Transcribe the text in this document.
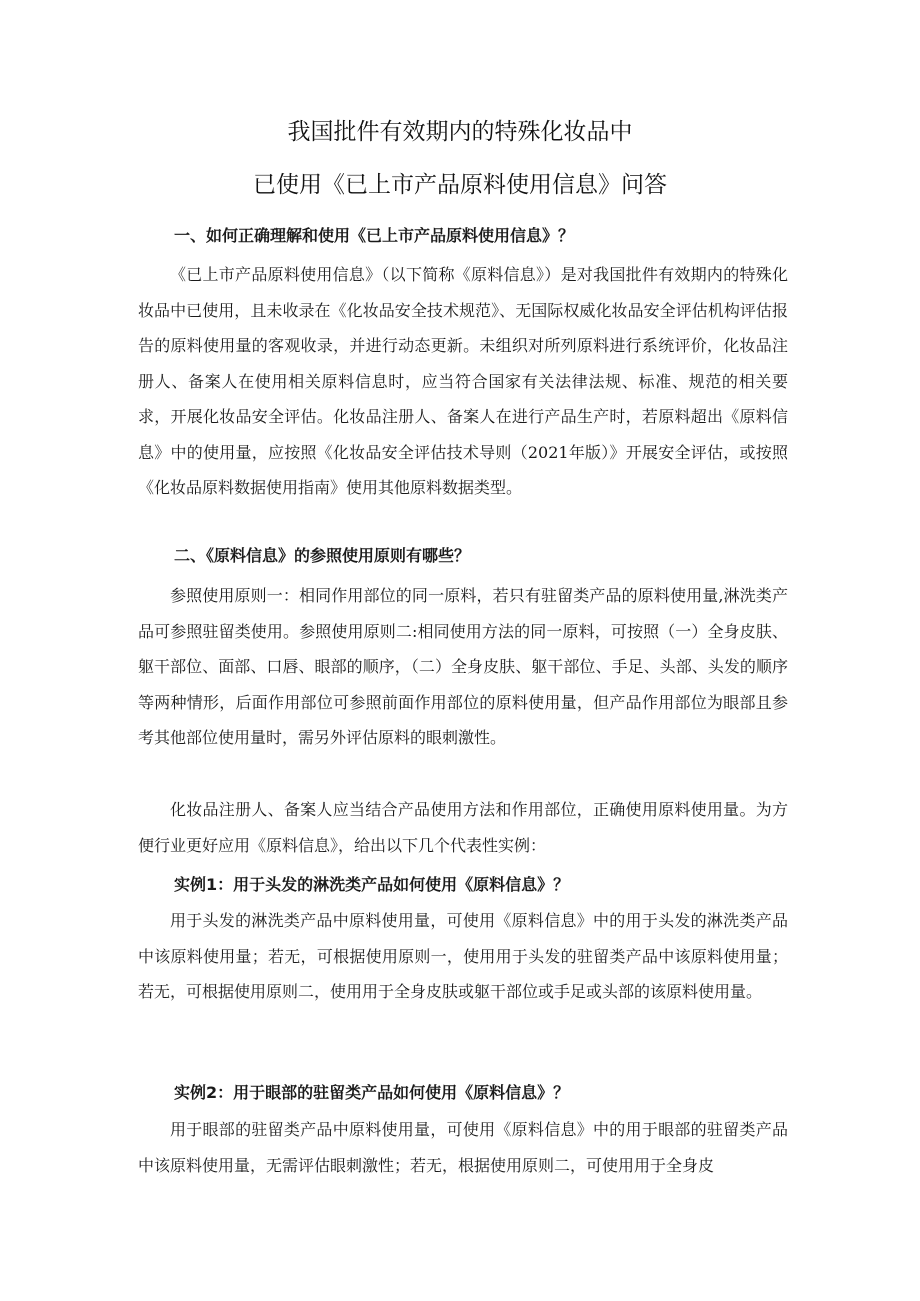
我国批件有效期内的特殊化妆品中
已使用《已上市产品原料使用信息》问答
一、如何正确理解和使用《已上市产品原料使用信息》？

《已上市产品原料使用信息》（以下简称《原料信息》）是对我国批件有效期内的特殊化妆品中已使用，且未收录在《化妆品安全技术规范》、无国际权威化妆品安全评估机构评估报告的原料使用量的客观收录，并进行动态更新。未组织对所列原料进行系统评价，化妆品注册人、备案人在使用相关原料信息时，应当符合国家有关法律法规、标准、规范的相关要求，开展化妆品安全评估。化妆品注册人、备案人在进行产品生产时，若原料超出《原料信息》中的使用量，应按照《化妆品安全评估技术导则（2021年版）》开展安全评估，或按照《化妆品原料数据使用指南》使用其他原料数据类型。

二、《原料信息》的参照使用原则有哪些？

参照使用原则一：相同作用部位的同一原料，若只有驻留类产品的原料使用量,淋洗类产品可参照驻留类使用。参照使用原则二:相同使用方法的同一原料，可按照（一）全身皮肤、躯干部位、面部、口唇、眼部的顺序，（二）全身皮肤、躯干部位、手足、头部、头发的顺序等两种情形，后面作用部位可参照前面作用部位的原料使用量，但产品作用部位为眼部且参考其他部位使用量时，需另外评估原料的眼刺激性。

化妆品注册人、备案人应当结合产品使用方法和作用部位，正确使用原料使用量。为方便行业更好应用《原料信息》，给出以下几个代表性实例：

实例1：用于头发的淋洗类产品如何使用《原料信息》？

用于头发的淋洗类产品中原料使用量，可使用《原料信息》中的用于头发的淋洗类产品中该原料使用量；若无，可根据使用原则一，使用用于头发的驻留类产品中该原料使用量；若无，可根据使用原则二，使用用于全身皮肤或躯干部位或手足或头部的该原料使用量。

实例2：用于眼部的驻留类产品如何使用《原料信息》？

用于眼部的驻留类产品中原料使用量，可使用《原料信息》中的用于眼部的驻留类产品中该原料使用量，无需评估眼刺激性；若无，根据使用原则二，可使用用于全身皮
